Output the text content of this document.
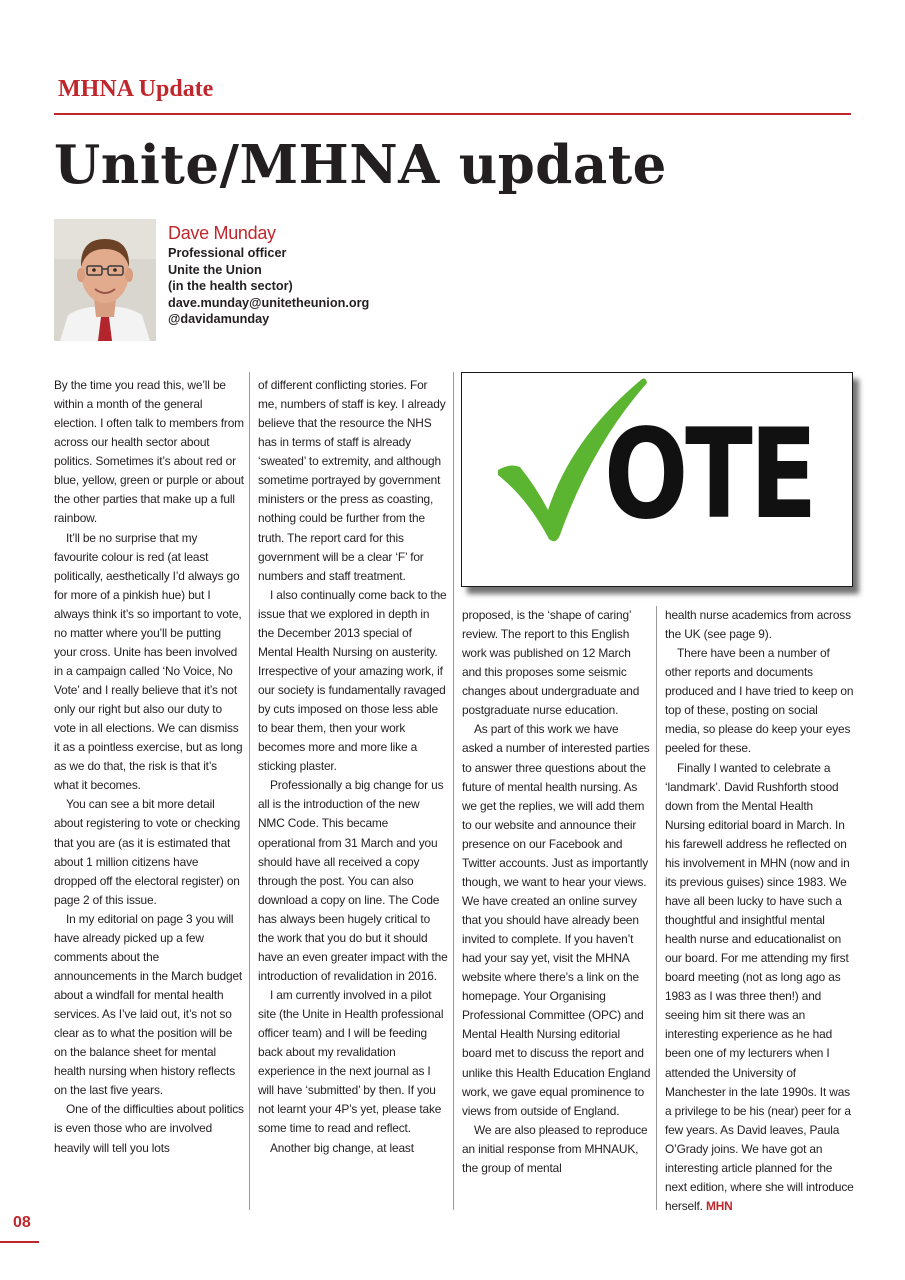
MHNA Update
Unite/MHNA update
Dave Munday
Professional officer
Unite the Union
(in the health sector)
dave.munday@unitetheunion.org
@davidamunday

By the time you read this, we’ll be within a month of the general election. I often talk to members from across our health sector about politics. Sometimes it’s about red or blue, yellow, green or purple or about the other parties that make up a full rainbow.

It’ll be no surprise that my favourite colour is red (at least politically, aesthetically I’d always go for more of a pinkish hue) but I always think it’s so important to vote, no matter where you’ll be putting your cross. Unite has been involved in a campaign called ‘No Voice, No Vote’ and I really believe that it’s not only our right but also our duty to vote in all elections. We can dismiss it as a pointless exercise, but as long as we do that, the risk is that it’s what it becomes.

You can see a bit more detail about registering to vote or checking that you are (as it is estimated that about 1 million citizens have dropped off the electoral register) on page 2 of this issue.

In my editorial on page 3 you will have already picked up a few comments about the announcements in the March budget about a windfall for mental health services. As I’ve laid out, it’s not so clear as to what the position will be on the balance sheet for mental health nursing when history reflects on the last five years.

One of the difficulties about politics is even those who are involved heavily will tell you lots

of different conflicting stories. For me, numbers of staff is key. I already believe that the resource the NHS has in terms of staff is already ‘sweated’ to extremity, and although sometime portrayed by government ministers or the press as coasting, nothing could be further from the truth. The report card for this government will be a clear ‘F’ for numbers and staff treatment.

I also continually come back to the issue that we explored in depth in the December 2013 special of Mental Health Nursing on austerity. Irrespective of your amazing work, if our society is fundamentally ravaged by cuts imposed on those less able to bear them, then your work becomes more and more like a sticking plaster.

Professionally a big change for us all is the introduction of the new NMC Code. This became operational from 31 March and you should have all received a copy through the post. You can also download a copy on line. The Code has always been hugely critical to the work that you do but it should have an even greater impact with the introduction of revalidation in 2016.

I am currently involved in a pilot site (the Unite in Health professional officer team) and I will be feeding back about my revalidation experience in the next journal as I will have ‘submitted’ by then. If you not learnt your 4P’s yet, please take some time to read and reflect.

Another big change, at least

OTE

proposed, is the ‘shape of caring’ review. The report to this English work was published on 12 March and this proposes some seismic changes about undergraduate and postgraduate nurse education.

As part of this work we have asked a number of interested parties to answer three questions about the future of mental health nursing. As we get the replies, we will add them to our website and announce their presence on our Facebook and Twitter accounts. Just as importantly though, we want to hear your views. We have created an online survey that you should have already been invited to complete. If you haven’t had your say yet, visit the MHNA website where there’s a link on the homepage. Your Organising Professional Committee (OPC) and Mental Health Nursing editorial board met to discuss the report and unlike this Health Education England work, we gave equal prominence to views from outside of England.

We are also pleased to reproduce an initial response from MHNAUK, the group of mental

health nurse academics from across the UK (see page 9).

There have been a number of other reports and documents produced and I have tried to keep on top of these, posting on social media, so please do keep your eyes peeled for these.

Finally I wanted to celebrate a ‘landmark’. David Rushforth stood down from the Mental Health Nursing editorial board in March. In his farewell address he reflected on his involvement in MHN (now and in its previous guises) since 1983. We have all been lucky to have such a thoughtful and insightful mental health nurse and educationalist on our board. For me attending my first board meeting (not as long ago as 1983 as I was three then!) and seeing him sit there was an interesting experience as he had been one of my lecturers when I attended the University of Manchester in the late 1990s. It was a privilege to be his (near) peer for a few years. As David leaves, Paula O’Grady joins. We have got an interesting article planned for the next edition, where she will introduce herself. MHN

08
